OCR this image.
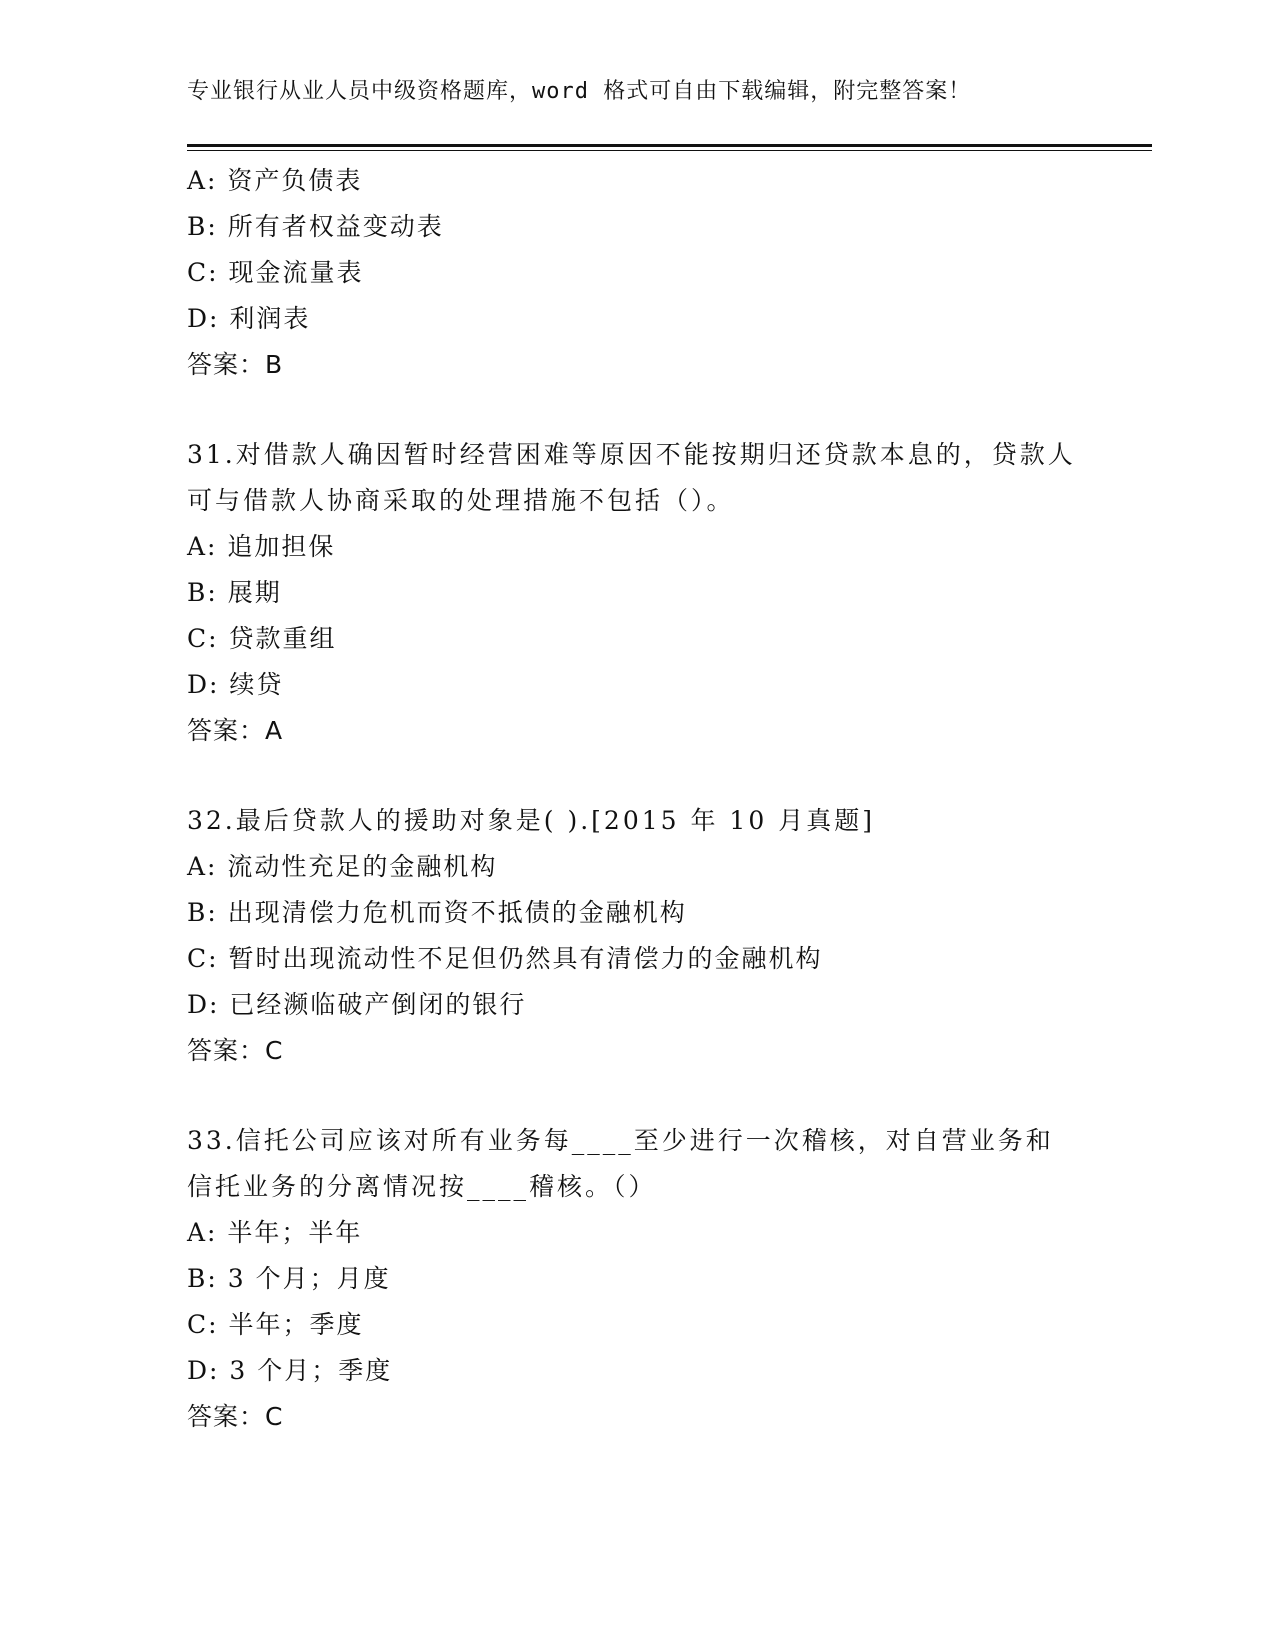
专业银行从业人员中级资格题库，word 格式可自由下载编辑，附完整答案！
A: 资产负债表
B: 所有者权益变动表
C: 现金流量表
D: 利润表
答案：B
31.对借款人确因暂时经营困难等原因不能按期归还贷款本息的，贷款人可与借款人协商采取的处理措施不包括（）。
A: 追加担保
B: 展期
C: 贷款重组
D: 续贷
答案：A
32.最后贷款人的援助对象是( ).[2015 年 10 月真题]
A: 流动性充足的金融机构
B: 出现清偿力危机而资不抵债的金融机构
C: 暂时出现流动性不足但仍然具有清偿力的金融机构
D: 已经濒临破产倒闭的银行
答案：C
33.信托公司应该对所有业务每____至少进行一次稽核，对自营业务和信托业务的分离情况按____稽核。（）
A: 半年；半年
B: 3 个月；月度
C: 半年；季度
D: 3 个月；季度
答案：C
